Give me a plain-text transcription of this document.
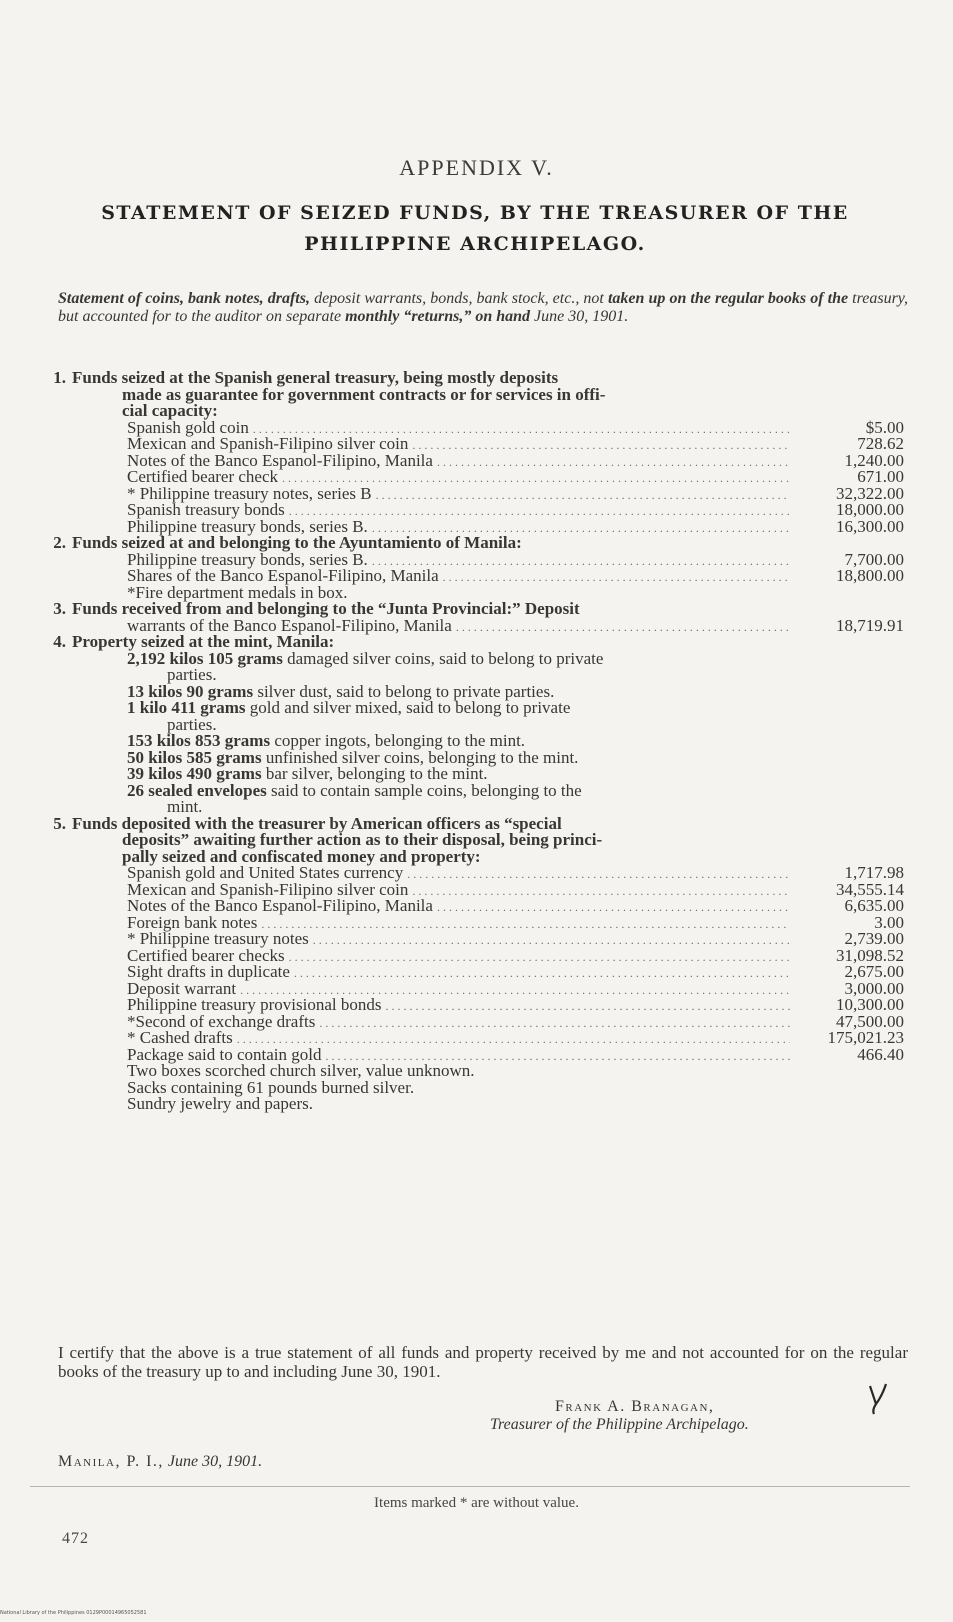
APPENDIX V.
STATEMENT OF SEIZED FUNDS, BY THE TREASURER OF THE
PHILIPPINE ARCHIPELAGO.
Statement of coins, bank notes, drafts, deposit warrants, bonds, bank stock, etc., not taken up on the regular books of the treasury, but accounted for to the auditor on separate monthly “returns,” on hand June 30, 1901.
1. Funds seized at the Spanish general treasury, being mostly deposits
made as guarantee for government contracts or for services in offi-
cial capacity:
Spanish gold coin .....	$5.00
Mexican and Spanish-Filipino silver coin .....	728.62
Notes of the Banco Espanol-Filipino, Manila .....	1,240.00
Certified bearer check .....	671.00
* Philippine treasury notes, series B .....	32,322.00
Spanish treasury bonds .....	18,000.00
Philippine treasury bonds, series B. .....	16,300.00
2. Funds seized at and belonging to the Ayuntamiento of Manila:
Philippine treasury bonds, series B. .....	7,700.00
Shares of the Banco Espanol-Filipino, Manila .....	18,800.00
*Fire department medals in box.
3. Funds received from and belonging to the “Junta Provincial:” Deposit
warrants of the Banco Espanol-Filipino, Manila .....	18,719.91
4. Property seized at the mint, Manila:
2,192 kilos 105 grams damaged silver coins, said to belong to private
parties.
13 kilos 90 grams silver dust, said to belong to private parties.
1 kilo 411 grams gold and silver mixed, said to belong to private
parties.
153 kilos 853 grams copper ingots, belonging to the mint.
50 kilos 585 grams unfinished silver coins, belonging to the mint.
39 kilos 490 grams bar silver, belonging to the mint.
26 sealed envelopes said to contain sample coins, belonging to the
mint.
5. Funds deposited with the treasurer by American officers as “special
deposits” awaiting further action as to their disposal, being princi-
pally seized and confiscated money and property:
Spanish gold and United States currency .....	1,717.98
Mexican and Spanish-Filipino silver coin .....	34,555.14
Notes of the Banco Espanol-Filipino, Manila .....	6,635.00
Foreign bank notes .....	3.00
* Philippine treasury notes .....	2,739.00
Certified bearer checks .....	31,098.52
Sight drafts in duplicate .....	2,675.00
Deposit warrant .....	3,000.00
Philippine treasury provisional bonds .....	10,300.00
*Second of exchange drafts .....	47,500.00
* Cashed drafts .....	175,021.23
Package said to contain gold .....	466.40
Two boxes scorched church silver, value unknown.
Sacks containing 61 pounds burned silver.
Sundry jewelry and papers.
I certify that the above is a true statement of all funds and property received by me and not accounted for on the regular books of the treasury up to and including June 30, 1901.
Frank A. Branagan,
Treasurer of the Philippine Archipelago.
Manila, P. I., June 30, 1901.
Items marked * are without value.
472
National Library of the Philippines 0129P00014965052581
